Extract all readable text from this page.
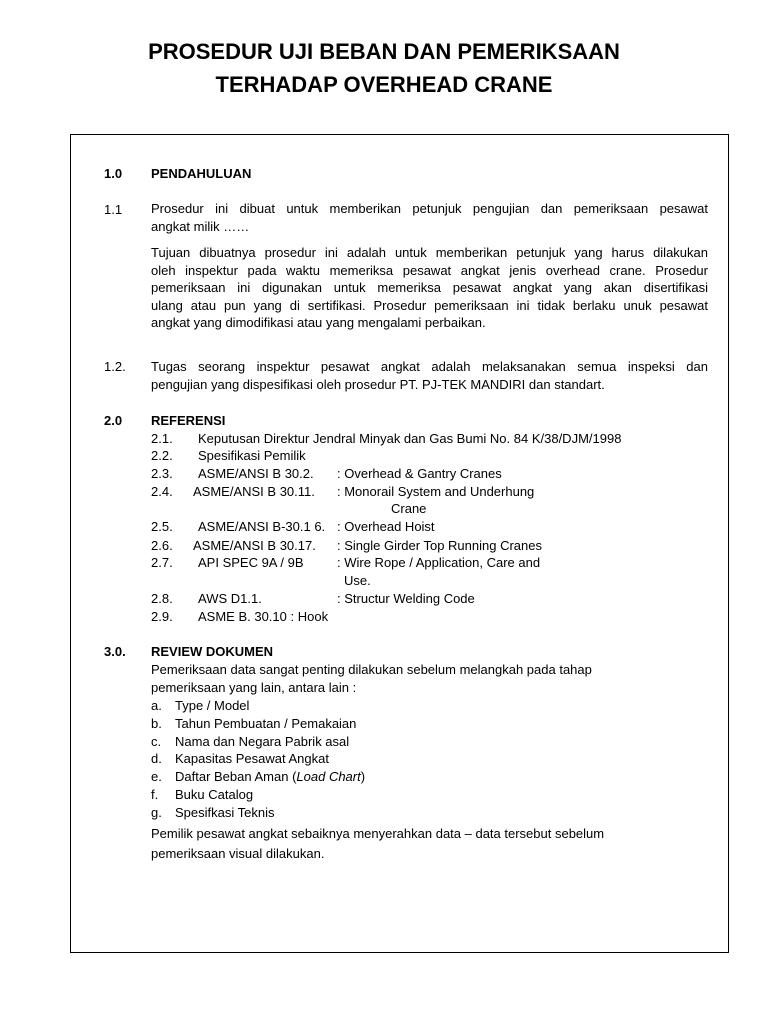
PROSEDUR UJI BEBAN DAN PEMERIKSAAN
TERHADAP OVERHEAD CRANE
1.0 PENDAHULUAN
1.1 Prosedur ini dibuat untuk memberikan petunjuk pengujian dan pemeriksaan pesawat
angkat milik ……
Tujuan dibuatnya prosedur ini adalah untuk memberikan petunjuk yang harus dilakukan
oleh inspektur pada waktu memeriksa pesawat angkat jenis overhead crane. Prosedur
pemeriksaan ini digunakan untuk memeriksa pesawat angkat yang akan disertifikasi
ulang atau pun yang di sertifikasi. Prosedur pemeriksaan ini tidak berlaku unuk pesawat
angkat yang dimodifikasi atau yang mengalami perbaikan.
1.2. Tugas seorang inspektur pesawat angkat adalah melaksanakan semua inspeksi dan
pengujian yang dispesifikasi oleh prosedur PT. PJ-TEK MANDIRI dan standart.
2.0 REFERENSI
2.1. Keputusan Direktur Jendral Minyak dan Gas Bumi No. 84 K/38/DJM/1998
2.2. Spesifikasi Pemilik
2.3. ASME/ANSI B 30.2. : Overhead & Gantry Cranes
2.4. ASME/ANSI B 30.11. : Monorail System and Underhung
Crane
2.5. ASME/ANSI B-30.1 6. : Overhead Hoist
2.6. ASME/ANSI B 30.17. : Single Girder Top Running Cranes
2.7. API SPEC 9A / 9B	: Wire Rope / Application, Care and
Use.
2.8. AWS D1.1.	: Structur Welding Code
2.9. ASME B. 30.10 : Hook
3.0. REVIEW DOKUMEN
Pemeriksaan data sangat penting dilakukan sebelum melangkah pada tahap
pemeriksaan yang lain, antara lain :
a. Type / Model
b. Tahun Pembuatan / Pemakaian
c. Nama dan Negara Pabrik asal
d. Kapasitas Pesawat Angkat
e. Daftar Beban Aman (Load Chart)
f. Buku Catalog
g. Spesifkasi Teknis
Pemilik pesawat angkat sebaiknya menyerahkan data – data tersebut sebelum
pemeriksaan visual dilakukan.
